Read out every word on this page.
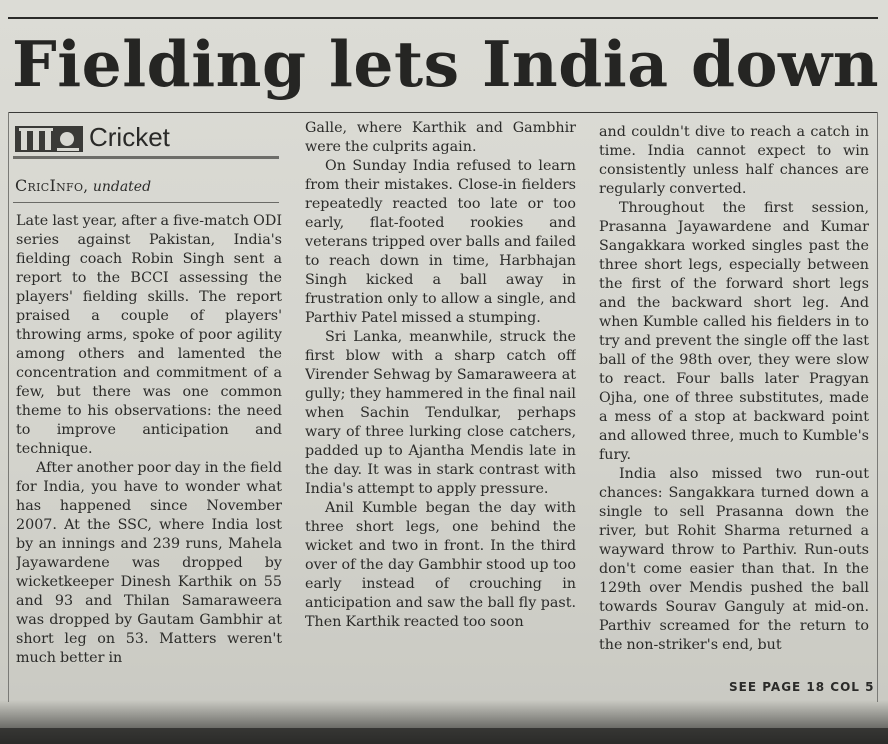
Fielding lets India down
Cricket
CricInfo, undated

Late last year, after a five-match ODI series against Pakistan, India's fielding coach Robin Singh sent a report to the BCCI assessing the players' fielding skills. The report praised a couple of players' throwing arms, spoke of poor agility among others and lamented the concentration and commitment of a few, but there was one common theme to his observations: the need to improve anticipation and technique.

After another poor day in the field for India, you have to wonder what has happened since November 2007. At the SSC, where India lost by an innings and 239 runs, Mahela Jayawardene was dropped by wicketkeeper Dinesh Karthik on 55 and 93 and Thilan Samaraweera was dropped by Gautam Gambhir at short leg on 53. Matters weren't much better in

Galle, where Karthik and Gambhir were the culprits again.

On Sunday India refused to learn from their mistakes. Close-in fielders repeatedly reacted too late or too early, flat-footed rookies and veterans tripped over balls and failed to reach down in time, Harbhajan Singh kicked a ball away in frustration only to allow a single, and Parthiv Patel missed a stumping.

Sri Lanka, meanwhile, struck the first blow with a sharp catch off Virender Sehwag by Samaraweera at gully; they hammered in the final nail when Sachin Tendulkar, perhaps wary of three lurking close catchers, padded up to Ajantha Mendis late in the day. It was in stark contrast with India's attempt to apply pressure.

Anil Kumble began the day with three short legs, one behind the wicket and two in front. In the third over of the day Gambhir stood up too early instead of crouching in anticipation and saw the ball fly past. Then Karthik reacted too soon

and couldn't dive to reach a catch in time. India cannot expect to win consistently unless half chances are regularly converted.

Throughout the first session, Prasanna Jayawardene and Kumar Sangakkara worked singles past the three short legs, especially between the first of the forward short legs and the backward short leg. And when Kumble called his fielders in to try and prevent the single off the last ball of the 98th over, they were slow to react. Four balls later Pragyan Ojha, one of three substitutes, made a mess of a stop at backward point and allowed three, much to Kumble's fury.

India also missed two run-out chances: Sangakkara turned down a single to sell Prasanna down the river, but Rohit Sharma returned a wayward throw to Parthiv. Run-outs don't come easier than that. In the 129th over Mendis pushed the ball towards Sourav Ganguly at mid-on. Parthiv screamed for the return to the non-striker's end, but

SEE PAGE 18 COL 5
